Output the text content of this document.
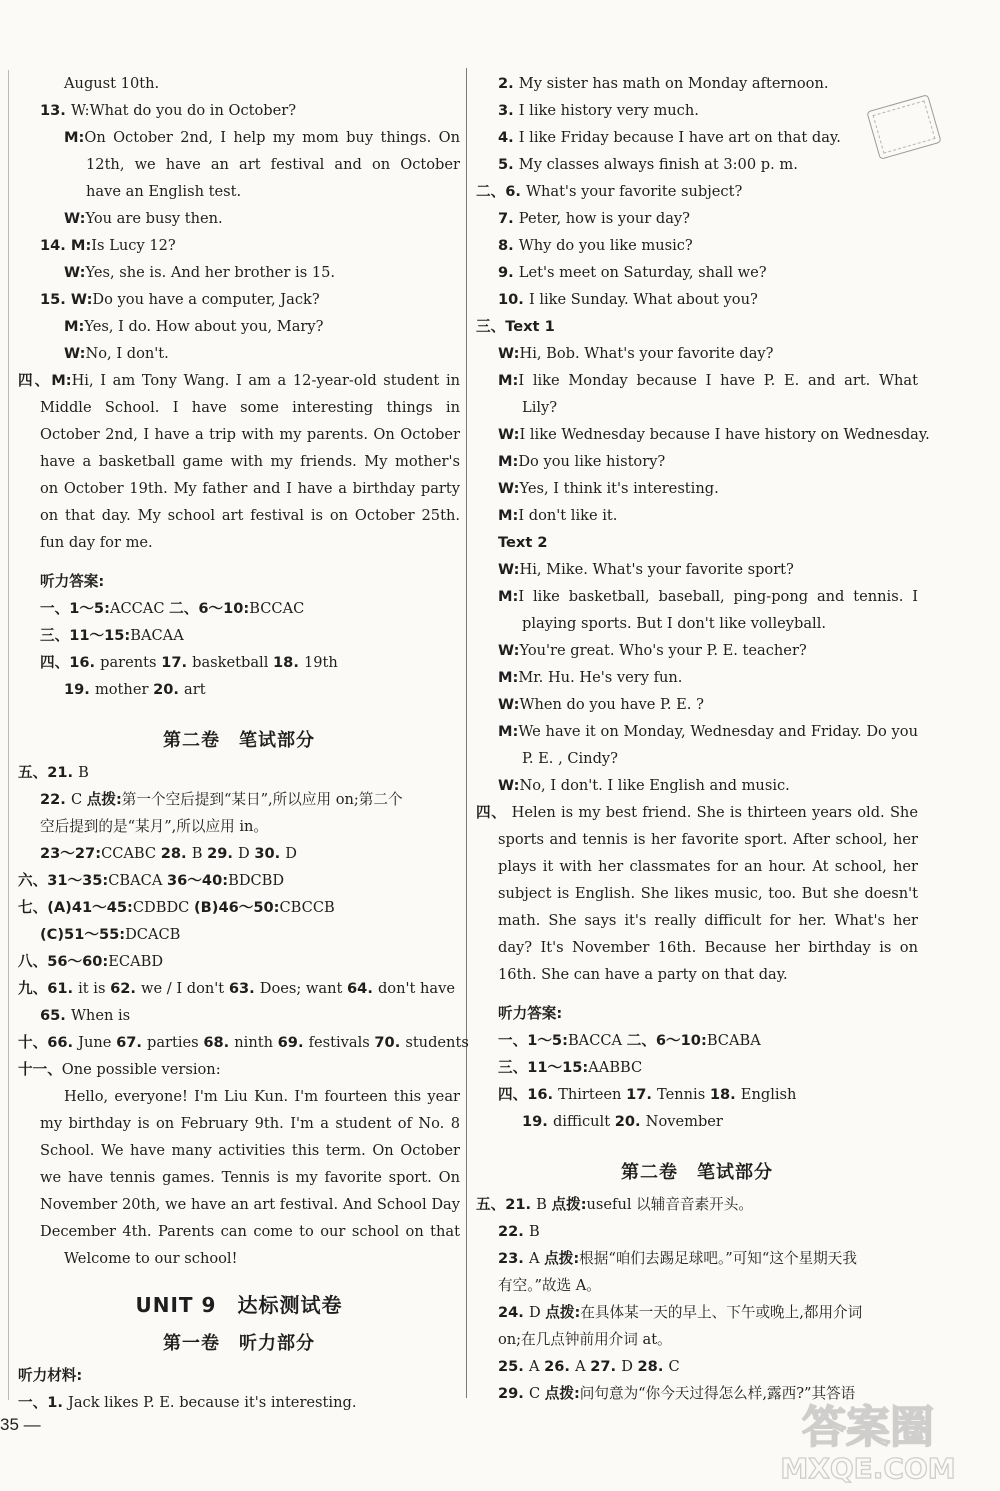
August 10th.
13. W:What do you do in October?
M:On October 2nd, I help my mom buy things. On
12th, we have an art festival and on October
have an English test.
W:You are busy then.
14. M:Is Lucy 12?
W:Yes, she is. And her brother is 15.
15. W:Do you have a computer, Jack?
M:Yes, I do. How about you, Mary?
W:No, I don't.
四、M:Hi, I am Tony Wang. I am a 12-year-old student in
Middle School. I have some interesting things in
October 2nd, I have a trip with my parents. On October
have a basketball game with my friends. My mother's
on October 19th. My father and I have a birthday party
on that day. My school art festival is on October 25th.
fun day for me.
听力答案:
一、1～5:ACCAC 二、6～10:BCCAC
三、11～15:BACAA
四、16. parents 17. basketball 18. 19th
19. mother 20. art
第二卷　笔试部分
五、21. B
22. C 点拨:第一个空后提到“某日”,所以应用 on;第二个
空后提到的是“某月”,所以应用 in。
23～27:CCABC 28. B 29. D 30. D
六、31～35:CBACA 36～40:BDCBD
七、(A)41～45:CDBDC (B)46～50:CBCCB
(C)51～55:DCACB
八、56～60:ECABD
九、61. it is 62. we / I don't 63. Does; want 64. don't have
65. When is
十、66. June 67. parties 68. ninth 69. festivals 70. students
十一、One possible version:
Hello, everyone! I'm Liu Kun. I'm fourteen this year
my birthday is on February 9th. I'm a student of No. 8
School. We have many activities this term. On October
we have tennis games. Tennis is my favorite sport. On
November 20th, we have an art festival. And School Day
December 4th. Parents can come to our school on that
Welcome to our school!
UNIT 9　达标测试卷
第一卷　听力部分
听力材料:
一、1. Jack likes P. E. because it's interesting.
2. My sister has math on Monday afternoon.
3. I like history very much.
4. I like Friday because I have art on that day.
5. My classes always finish at 3:00 p. m.
二、6. What's your favorite subject?
7. Peter, how is your day?
8. Why do you like music?
9. Let's meet on Saturday, shall we?
10. I like Sunday. What about you?
三、Text 1
W:Hi, Bob. What's your favorite day?
M:I like Monday because I have P. E. and art. What
Lily?
W:I like Wednesday because I have history on Wednesday.
M:Do you like history?
W:Yes, I think it's interesting.
M:I don't like it.
Text 2
W:Hi, Mike. What's your favorite sport?
M:I like basketball, baseball, ping-pong and tennis. I
playing sports. But I don't like volleyball.
W:You're great. Who's your P. E. teacher?
M:Mr. Hu. He's very fun.
W:When do you have P. E. ?
M:We have it on Monday, Wednesday and Friday. Do you
P. E. , Cindy?
W:No, I don't. I like English and music.
四、 Helen is my best friend. She is thirteen years old. She
sports and tennis is her favorite sport. After school, her
plays it with her classmates for an hour. At school, her
subject is English. She likes music, too. But she doesn't
math. She says it's really difficult for her. What's her
day? It's November 16th. Because her birthday is on
16th. She can have a party on that day.
听力答案:
一、1～5:BACCA 二、6～10:BCABA
三、11～15:AABBC
四、16. Thirteen 17. Tennis 18. English
19. difficult 20. November
第二卷　笔试部分
五、21. B 点拨:useful 以辅音音素开头。
22. B
23. A 点拨:根据“咱们去踢足球吧。”可知“这个星期天我
有空。”故选 A。
24. D 点拨:在具体某一天的早上、下午或晚上,都用介词
on;在几点钟前用介词 at。
25. A 26. A 27. D 28. C
29. C 点拨:问句意为“你今天过得怎么样,露西?”其答语
35 —	答案圈
MXQE.COM
